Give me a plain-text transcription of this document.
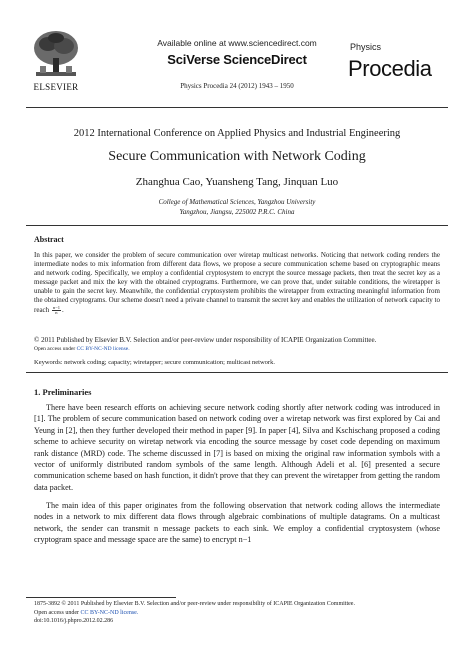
ELSEVIER
Available online at www.sciencedirect.com
SciVerse ScienceDirect
Physics Procedia 24 (2012) 1943 – 1950
Physics
Procedia
2012 International Conference on Applied Physics and Industrial Engineering
Secure Communication with Network Coding
Zhanghua Cao, Yuansheng Tang, Jinquan Luo
College of Mathematical Sciences, Yangzhou University
Yangzhou, Jiangsu, 225002 P.R.C. China
Abstract
In this paper, we consider the problem of secure communication over wiretap multicast networks. Noticing that network coding renders the intermediate nodes to mix information from different data flows, we propose a secure communication scheme based on cryptographic means and network coding. Specifically, we employ a confidential cryptosystem to encrypt the source message packets, then treat the secret key as a message packet and mix the key with the obtained cryptograms. Furthermore, we can prove that, under suitable conditions, the wiretapper is unable to gain the secret key. Meanwhile, the confidential cryptosystem prohibits the wiretapper from extracting meaningful information from the obtained cryptograms. Our scheme doesn't need a private channel to transmit the secret key and enables the utilization of network capacity to reach $\frac{n-1}{n}$ .
© 2011 Published by Elsevier B.V. Selection and/or peer-review under responsibility of ICAPIE Organization Committee.
Open access under CC BY-NC-ND license.
Keywords: network coding; capacity; wiretapper; secure communication; multicast network.
1. Preliminaries
There have been research efforts on achieving secure network coding shortly after network coding was introduced in [1]. The problem of secure communication based on network coding over a wiretap network was first explored by Cai and Yeung in [2], then they further developed their method in paper [9]. In paper [4], Silva and Kschischang proposed a coding scheme to achieve security on wiretap network via encoding the source message by coset code depending on maximum rank distance (MRD) code. The scheme discussed in [7] is based on mixing the original raw information symbols with a vector of uniformly distributed random symbols of the same length. Although Adeli et al. [6] presented a secure communication scheme based on hash function, it didn't prove that they can prevent the wiretapper from getting the random data packet.
The main idea of this paper originates from the following observation that network coding allows the intermediate nodes in a network to mix different data flows through algebraic combinations of multiple datagrams. On a multicast network, the sender can transmit n message packets to each sink. We employ a confidential cryptosystem (whose cryptogram space and message space are the same) to encrypt n−1
1875-3892 © 2011 Published by Elsevier B.V. Selection and/or peer-review under responsibility of ICAPIE Organization Committee.
Open access under CC BY-NC-ND license.
doi:10.1016/j.phpro.2012.02.286
